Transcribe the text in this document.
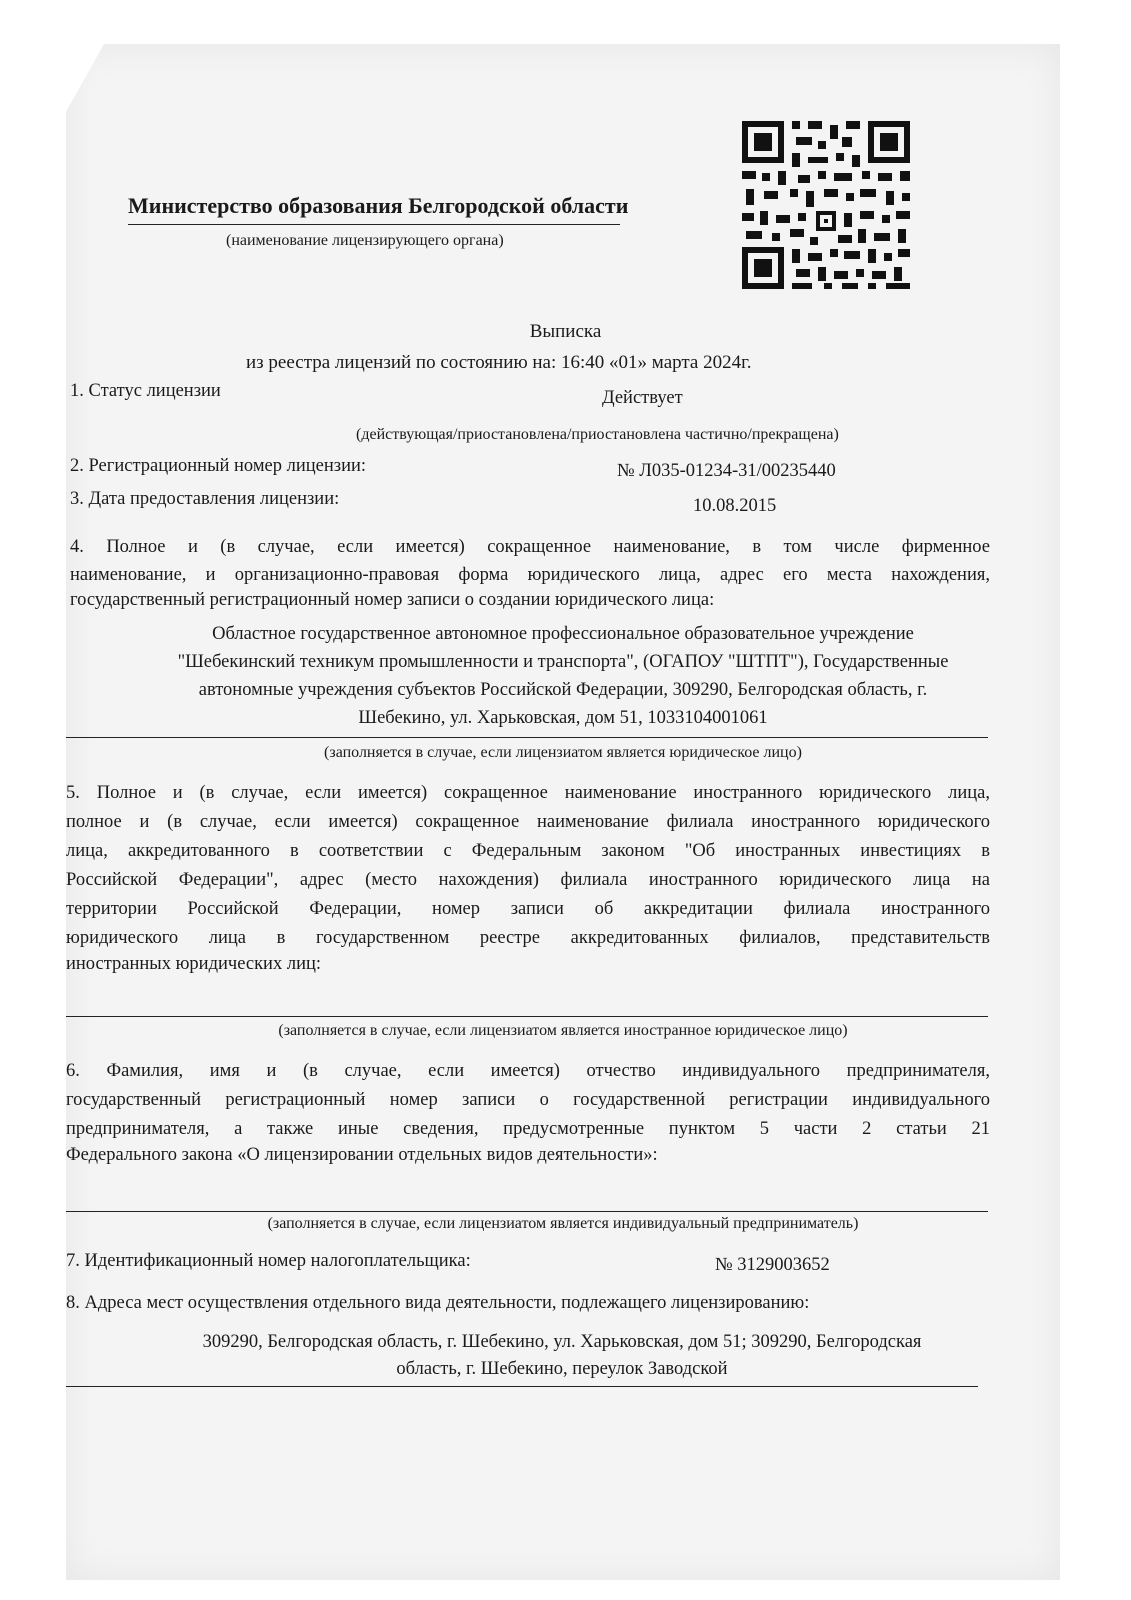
Министерство образования Белгородской области
(наименование лицензирующего органа)
Выписка
из реестра лицензий по состоянию на: 16:40 «01» марта 2024г.
1. Статус лицензии	Действует
(действующая/приостановлена/приостановлена частично/прекращена)
2. Регистрационный номер лицензии:	№ Л035-01234-31/00235440
3. Дата предоставления лицензии:	10.08.2015
4. Полное и (в случае, если имеется) сокращенное наименование, в том числе фирменное
наименование, и организационно-правовая форма юридического лица, адрес его места нахождения,
государственный регистрационный номер записи о создании юридического лица:
Областное государственное автономное профессиональное образовательное учреждение
"Шебекинский техникум промышленности и транспорта", (ОГАПОУ "ШТПТ"), Государственные
автономные учреждения субъектов Российской Федерации, 309290, Белгородская область, г.
Шебекино, ул. Харьковская, дом 51, 1033104001061
(заполняется в случае, если лицензиатом является юридическое лицо)
5. Полное и (в случае, если имеется) сокращенное наименование иностранного юридического лица,
полное и (в случае, если имеется) сокращенное наименование филиала иностранного юридического
лица, аккредитованного в соответствии с Федеральным законом "Об иностранных инвестициях в
Российской Федерации", адрес (место нахождения) филиала иностранного юридического лица на
территории Российской Федерации, номер записи об аккредитации филиала иностранного
юридического лица в государственном реестре аккредитованных филиалов, представительств
иностранных юридических лиц:
(заполняется в случае, если лицензиатом является иностранное юридическое лицо)
6. Фамилия, имя и (в случае, если имеется) отчество индивидуального предпринимателя,
государственный регистрационный номер записи о государственной регистрации индивидуального
предпринимателя, а также иные сведения, предусмотренные пунктом 5 части 2 статьи 21
Федерального закона «О лицензировании отдельных видов деятельности»:
(заполняется в случае, если лицензиатом является индивидуальный предприниматель)
7. Идентификационный номер налогоплательщика:	№ 3129003652
8. Адреса мест осуществления отдельного вида деятельности, подлежащего лицензированию:
309290, Белгородская область, г. Шебекино, ул. Харьковская, дом 51; 309290, Белгородская
область, г. Шебекино, переулок Заводской
